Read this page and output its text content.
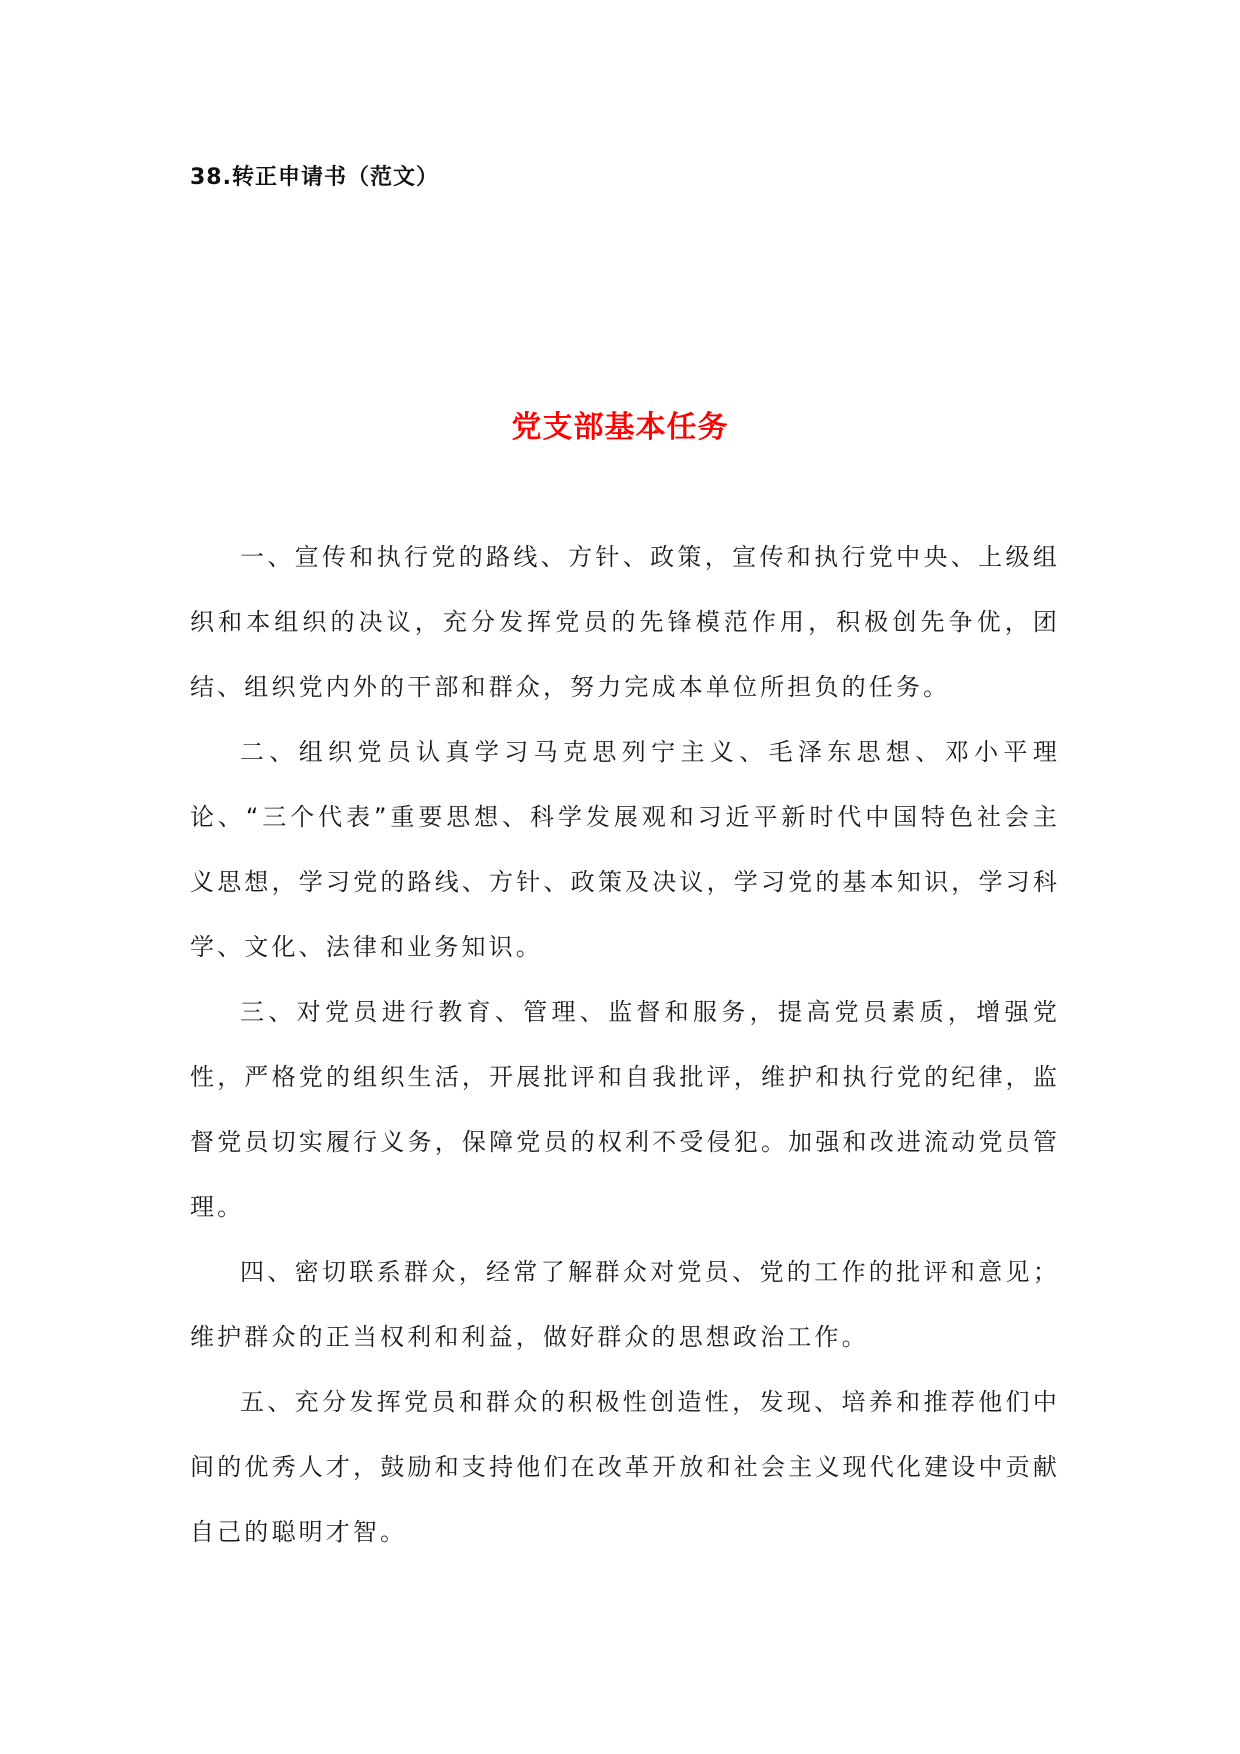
38.转正申请书（范文）
党支部基本任务

一、宣传和执行党的路线、方针、政策，宣传和执行党中央、上级组织和本组织的决议，充分发挥党员的先锋模范作用，积极创先争优，团结、组织党内外的干部和群众，努力完成本单位所担负的任务。

二、组织党员认真学习马克思列宁主义、毛泽东思想、邓小平理论、“三个代表”重要思想、科学发展观和习近平新时代中国特色社会主义思想，学习党的路线、方针、政策及决议，学习党的基本知识，学习科学、文化、法律和业务知识。

三、对党员进行教育、管理、监督和服务，提高党员素质，增强党性，严格党的组织生活，开展批评和自我批评，维护和执行党的纪律，监督党员切实履行义务，保障党员的权利不受侵犯。加强和改进流动党员管理。

四、密切联系群众，经常了解群众对党员、党的工作的批评和意见；维护群众的正当权利和利益，做好群众的思想政治工作。

五、充分发挥党员和群众的积极性创造性，发现、培养和推荐他们中间的优秀人才，鼓励和支持他们在改革开放和社会主义现代化建设中贡献自己的聪明才智。
